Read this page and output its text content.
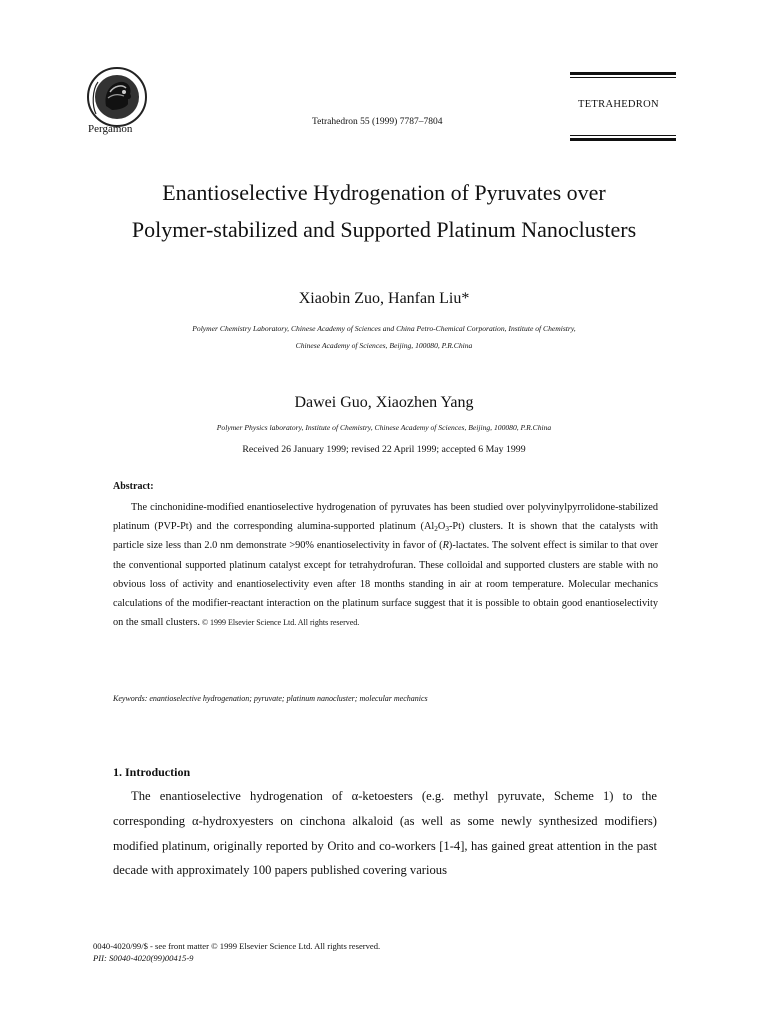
Pergamon
Tetrahedron 55 (1999) 7787–7804
TETRAHEDRON
Enantioselective Hydrogenation of Pyruvates over
Polymer-stabilized and Supported Platinum Nanoclusters
Xiaobin Zuo, Hanfan Liu*
Polymer Chemistry Laboratory, Chinese Academy of Sciences and China Petro-Chemical Corporation, Institute of Chemistry,
Chinese Academy of Sciences, Beijing, 100080, P.R.China
Dawei Guo, Xiaozhen Yang
Polymer Physics laboratory, Institute of Chemistry, Chinese Academy of Sciences, Beijing, 100080, P.R.China
Received 26 January 1999; revised 22 April 1999; accepted 6 May 1999
Abstract:
The cinchonidine-modified enantioselective hydrogenation of pyruvates has been studied over polyvinylpyrrolidone-stabilized platinum (PVP-Pt) and the corresponding alumina-supported platinum $(Al_2O_3-Pt)$ clusters. It is shown that the catalysts with particle size less than 2.0 nm demonstrate >90% enantioselectivity in favor of (R)-lactates. The solvent effect is similar to that over the conventional supported platinum catalyst except for tetrahydrofuran. These colloidal and supported clusters are stable with no obvious loss of activity and enantioselectivity even after 18 months standing in air at room temperature. Molecular mechanics calculations of the modifier-reactant interaction on the platinum surface suggest that it is possible to obtain good enantioselectivity on the small clusters. © 1999 Elsevier Science Ltd. All rights reserved.
Keywords: enantioselective hydrogenation; pyruvate; platinum nanocluster; molecular mechanics
1. Introduction
The enantioselective hydrogenation of α-ketoesters (e.g. methyl pyruvate, Scheme 1) to the corresponding α-hydroxyesters on cinchona alkaloid (as well as some newly synthesized modifiers) modified platinum, originally reported by Orito and co-workers [1-4], has gained great attention in the past decade with approximately 100 papers published covering various
0040-4020/99/$ - see front matter © 1999 Elsevier Science Ltd. All rights reserved.
PII: S0040-4020(99)00415-9
